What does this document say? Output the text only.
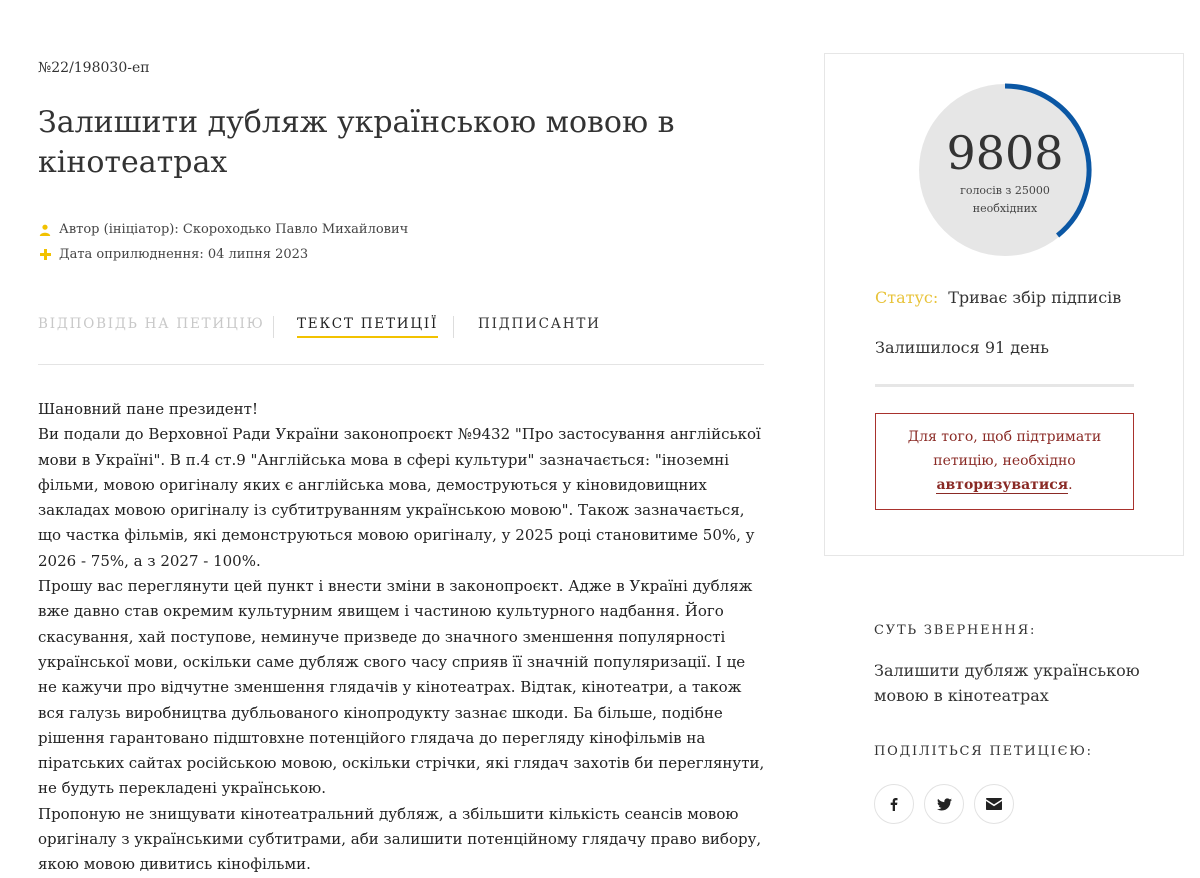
№22/198030-еп
Залишити дубляж українською мовою в кінотеатрах
Автор (ініціатор): Скороходько Павло Михайлович
Дата оприлюднення: 04 липня 2023
ВІДПОВІДЬ НА ПЕТИЦІЮ ТЕКСТ ПЕТИЦІЇ	ПІДПИСАНТИ
Шановний пане президент!
Ви подали до Верховної Ради України законопроєкт №9432 "Про застосування англійської мови в Україні". В п.4 ст.9 "Англійська мова в сфері культури" зазначається: "іноземні фільми, мовою оригіналу яких є англійська мова, демоструються у кіновидовищних закладах мовою оригіналу із субтитруванням українською мовою". Також зазначається, що частка фільмів, які демонструються мовою оригіналу, у 2025 році становитиме 50%, у 2026 - 75%, а з 2027 - 100%.
Прошу вас переглянути цей пункт і внести зміни в законопроєкт. Адже в Україні дубляж вже давно став окремим культурним явищем і частиною культурного надбання. Його скасування, хай поступове, неминуче призведе до значного зменшення популярності української мови, оскільки саме дубляж свого часу сприяв її значній популяризації. І це не кажучи про відчутне зменшення глядачів у кінотеатрах. Відтак, кінотеатри, а також вся галузь виробництва дубльованого кінопродукту зазнає шкоди. Ба більше, подібне рішення гарантовано підштовхне потенційого глядача до перегляду кінофільмів на піратських сайтах російською мовою, оскільки стрічки, які глядач захотів би переглянути, не будуть перекладені українською.
Пропоную не знищувати кінотеатральний дубляж, а збільшити кількість сеансів мовою оригіналу з українськими субтитрами, аби залишити потенційному глядачу право вибору, якою мовою дивитись кінофільми.
9808
голосів з 25000 необхідних
Статус: Триває збір підписів
Залишилося 91 день
Для того, щоб підтримати петицію, необхідно авторизуватися.
СУТЬ ЗВЕРНЕННЯ:
Залишити дубляж українською мовою в кінотеатрах
ПОДІЛІТЬСЯ ПЕТИЦІЄЮ:
